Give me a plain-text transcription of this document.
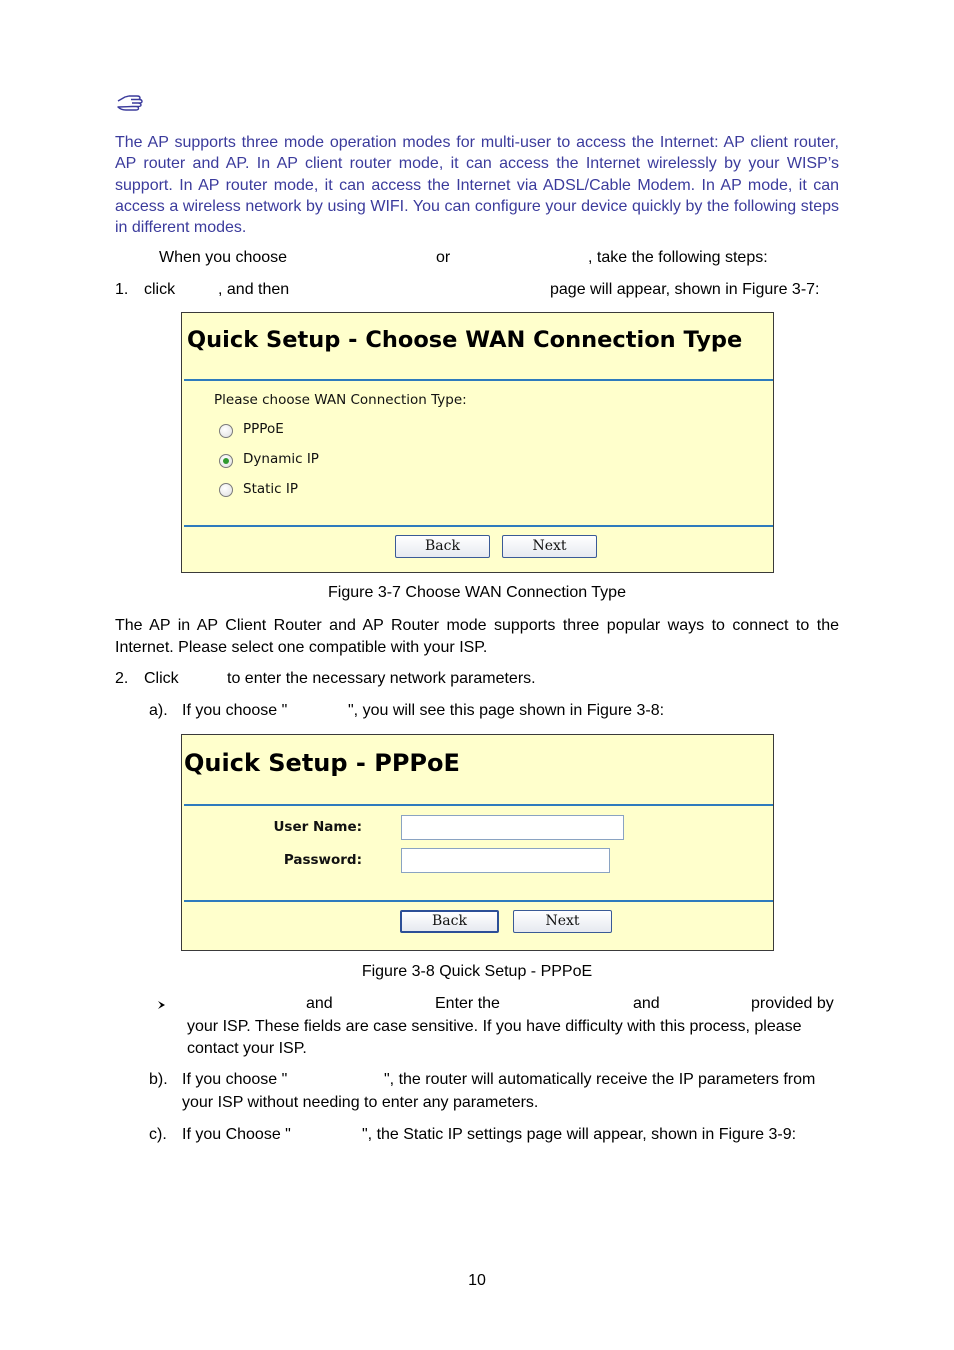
The AP supports three mode operation modes for multi-user to access the Internet: AP client router, AP router and AP. In AP client router mode, it can access the Internet wirelessly by your WISP’s support. In AP router mode, it can access the Internet via ADSL/Cable Modem. In AP mode, it can access a wireless network by using WIFI. You can configure your device quickly by the following steps in different modes.
When you choose	or	, take the following steps:
1. click	, and then	page will appear, shown in Figure 3-7:
Quick Setup - Choose WAN Connection Type
Please choose WAN Connection Type:
PPPoE
Dynamic IP
Static IP
Back	Next
Figure 3-7 Choose WAN Connection Type
The AP in AP Client Router and AP Router mode supports three popular ways to connect to the Internet. Please select one compatible with your ISP.
2. Click	to enter the necessary network parameters.
a). If you choose "	", you will see this page shown in Figure 3-8:
Quick Setup - PPPoE
User Name:
Password:
Back	Next
Figure 3-8 Quick Setup - PPPoE
and	Enter the	and	provided by
your ISP. These fields are case sensitive. If you have difficulty with this process, please contact your ISP.
b). If you choose "	", the router will automatically receive the IP parameters from
your ISP without needing to enter any parameters.
c). If you Choose "	", the Static IP settings page will appear, shown in Figure 3-9:
10
